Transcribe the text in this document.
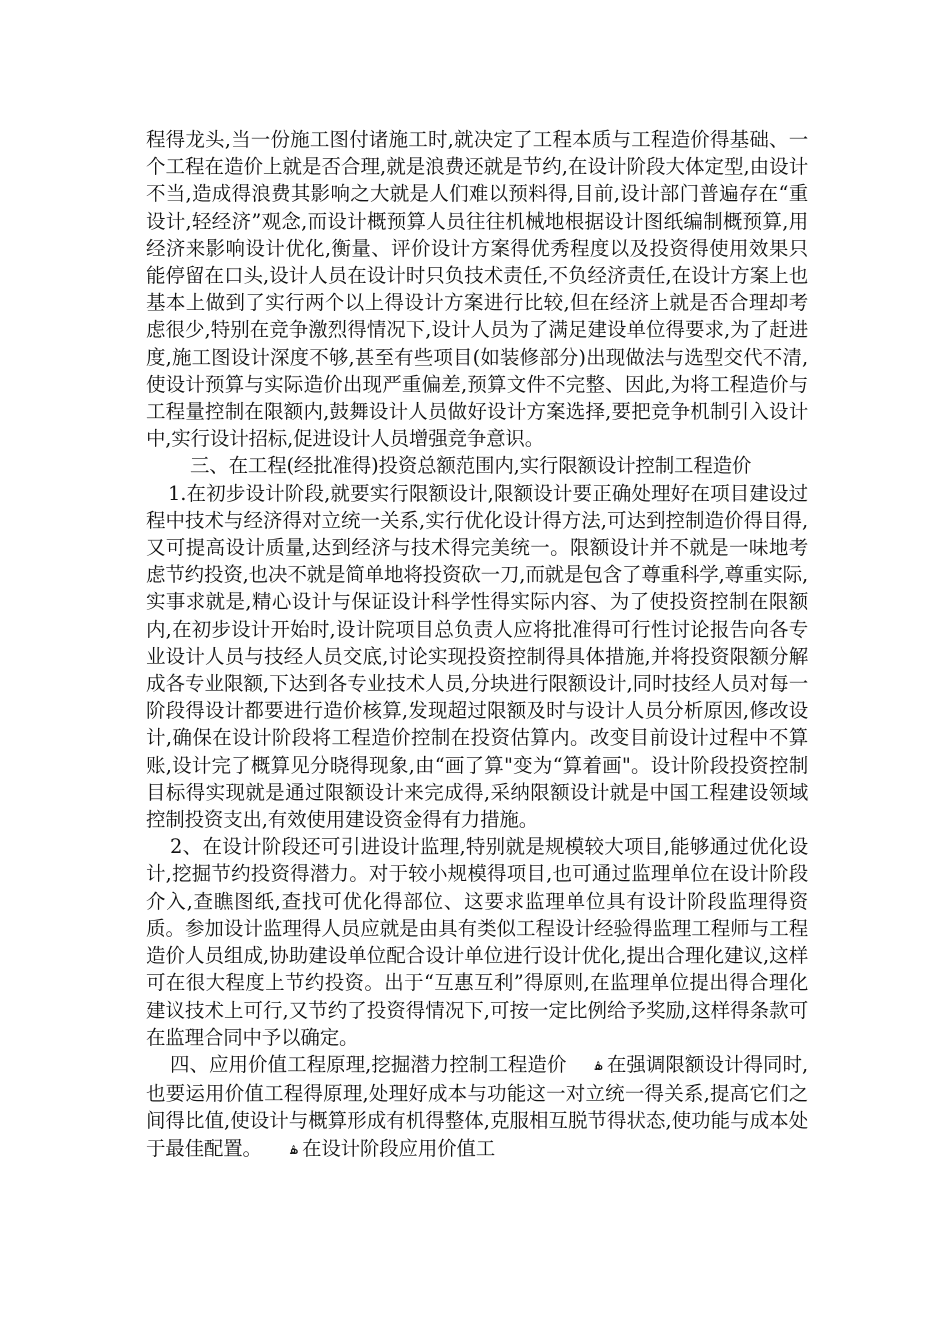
程得龙头,当一份施工图付诸施工时,就决定了工程本质与工程造价得基础、一个工程在造价上就是否合理,就是浪费还就是节约,在设计阶段大体定型,由设计不当,造成得浪费其影响之大就是人们难以预料得,目前,设计部门普遍存在“重设计,轻经济”观念,而设计概预算人员往往机械地根据设计图纸编制概预算,用经济来影响设计优化,衡量、评价设计方案得优秀程度以及投资得使用效果只能停留在口头,设计人员在设计时只负技术责任,不负经济责任,在设计方案上也基本上做到了实行两个以上得设计方案进行比较,但在经济上就是否合理却考虑很少,特别在竞争激烈得情况下,设计人员为了满足建设单位得要求,为了赶进度,施工图设计深度不够,甚至有些项目(如装修部分)出现做法与选型交代不清,使设计预算与实际造价出现严重偏差,预算文件不完整、因此,为将工程造价与工程量控制在限额内,鼓舞设计人员做好设计方案选择,要把竞争机制引入设计中,实行设计招标,促进设计人员增强竞争意识。

三、在工程(经批准得)投资总额范围内,实行限额设计控制工程造价

1.在初步设计阶段,就要实行限额设计,限额设计要正确处理好在项目建设过程中技术与经济得对立统一关系,实行优化设计得方法,可达到控制造价得目得,又可提高设计质量,达到经济与技术得完美统一。限额设计并不就是一味地考虑节约投资,也决不就是简单地将投资砍一刀,而就是包含了尊重科学,尊重实际,实事求就是,精心设计与保证设计科学性得实际内容、为了使投资控制在限额内,在初步设计开始时,设计院项目总负责人应将批准得可行性讨论报告向各专业设计人员与技经人员交底,讨论实现投资控制得具体措施,并将投资限额分解成各专业限额,下达到各专业技术人员,分块进行限额设计,同时技经人员对每一阶段得设计都要进行造价核算,发现超过限额及时与设计人员分析原因,修改设计,确保在设计阶段将工程造价控制在投资估算内。改变目前设计过程中不算账,设计完了概算见分晓得现象,由“画了算"变为“算着画"。设计阶段投资控制目标得实现就是通过限额设计来完成得,采纳限额设计就是中国工程建设领域控制投资支出,有效使用建设资金得有力措施。

2、在设计阶段还可引进设计监理,特别就是规模较大项目,能够通过优化设计,挖掘节约投资得潜力。对于较小规模得项目,也可通过监理单位在设计阶段介入,查瞧图纸,查找可优化得部位、这要求监理单位具有设计阶段监理得资质。参加设计监理得人员应就是由具有类似工程设计经验得监理工程师与工程造价人员组成,协助建设单位配合设计单位进行设计优化,提出合理化建议,这样可在很大程度上节约投资。出于“互惠互利”得原则,在监理单位提出得合理化建议技术上可行,又节约了投资得情况下,可按一定比例给予奖励,这样得条款可在监理合同中予以确定。

四、应用价值工程原理,挖掘潜力控制工程造价 ۿ 在强调限额设计得同时,也要运用价值工程得原理,处理好成本与功能这一对立统一得关系,提高它们之间得比值,使设计与概算形成有机得整体,克服相互脱节得状态,使功能与成本处于最佳配置。 ۿ 在设计阶段应用价值工
